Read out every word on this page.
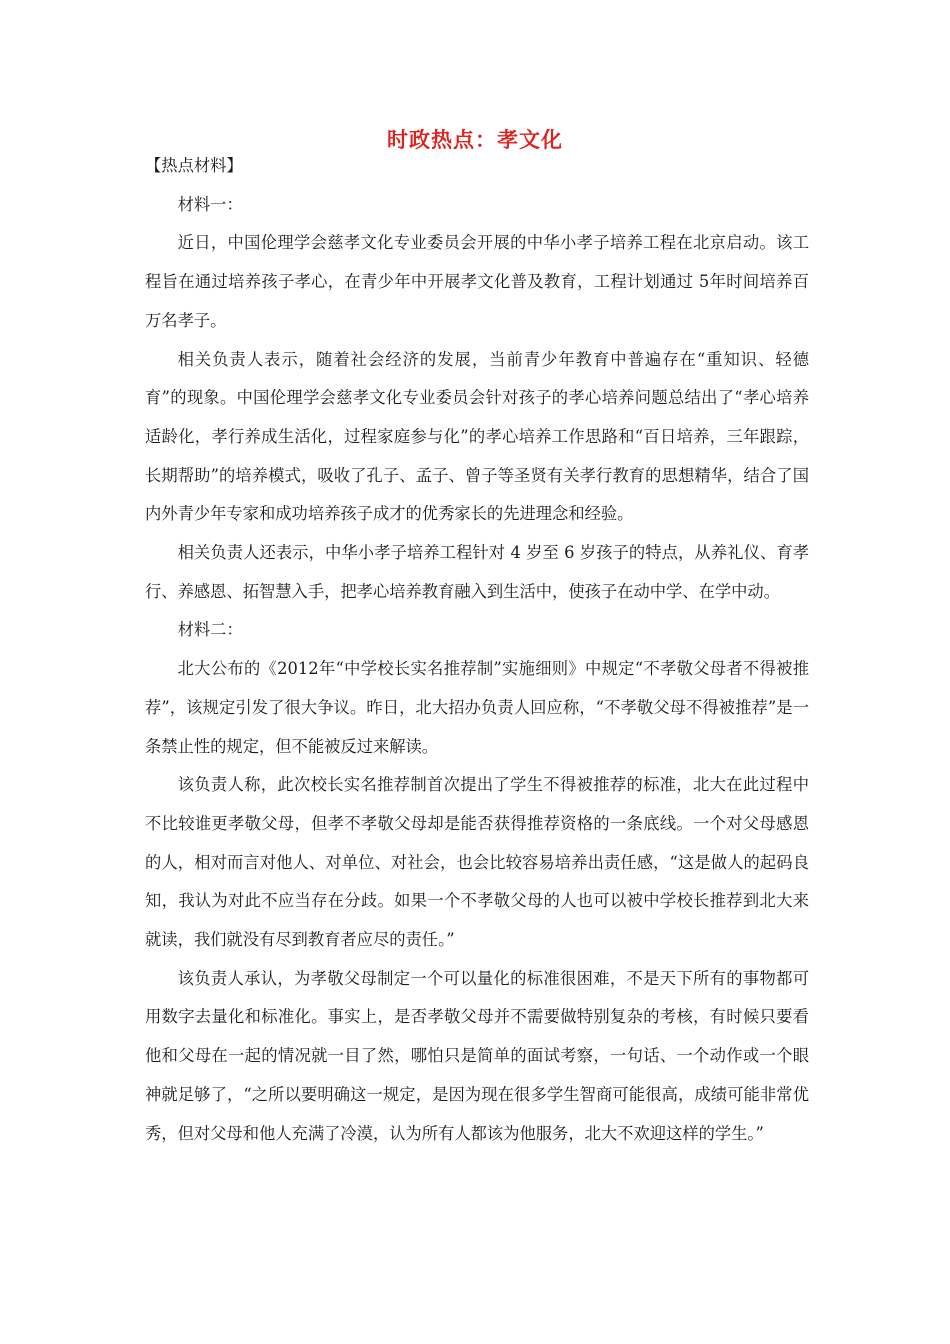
时政热点：孝文化

【热点材料】

材料一：

近日，中国伦理学会慈孝文化专业委员会开展的中华小孝子培养工程在北京启动。该工程旨在通过培养孩子孝心，在青少年中开展孝文化普及教育，工程计划通过 5年时间培养百万名孝子。

相关负责人表示，随着社会经济的发展，当前青少年教育中普遍存在“重知识、轻德育”的现象。中国伦理学会慈孝文化专业委员会针对孩子的孝心培养问题总结出了“孝心培养适龄化，孝行养成生活化，过程家庭参与化”的孝心培养工作思路和“百日培养，三年跟踪，长期帮助”的培养模式，吸收了孔子、孟子、曾子等圣贤有关孝行教育的思想精华，结合了国内外青少年专家和成功培养孩子成才的优秀家长的先进理念和经验。

相关负责人还表示，中华小孝子培养工程针对 4 岁至 6 岁孩子的特点，从养礼仪、育孝行、养感恩、拓智慧入手，把孝心培养教育融入到生活中，使孩子在动中学、在学中动。

材料二：

北大公布的《2012年“中学校长实名推荐制”实施细则》中规定“不孝敬父母者不得被推荐”，该规定引发了很大争议。昨日，北大招办负责人回应称，“不孝敬父母不得被推荐”是一条禁止性的规定，但不能被反过来解读。

该负责人称，此次校长实名推荐制首次提出了学生不得被推荐的标准，北大在此过程中不比较谁更孝敬父母，但孝不孝敬父母却是能否获得推荐资格的一条底线。一个对父母感恩的人，相对而言对他人、对单位、对社会，也会比较容易培养出责任感，“这是做人的起码良知，我认为对此不应当存在分歧。如果一个不孝敬父母的人也可以被中学校长推荐到北大来就读，我们就没有尽到教育者应尽的责任。”

该负责人承认，为孝敬父母制定一个可以量化的标准很困难，不是天下所有的事物都可用数字去量化和标准化。事实上，是否孝敬父母并不需要做特别复杂的考核，有时候只要看他和父母在一起的情况就一目了然，哪怕只是简单的面试考察，一句话、一个动作或一个眼神就足够了，“之所以要明确这一规定，是因为现在很多学生智商可能很高，成绩可能非常优秀，但对父母和他人充满了冷漠，认为所有人都该为他服务，北大不欢迎这样的学生。”
